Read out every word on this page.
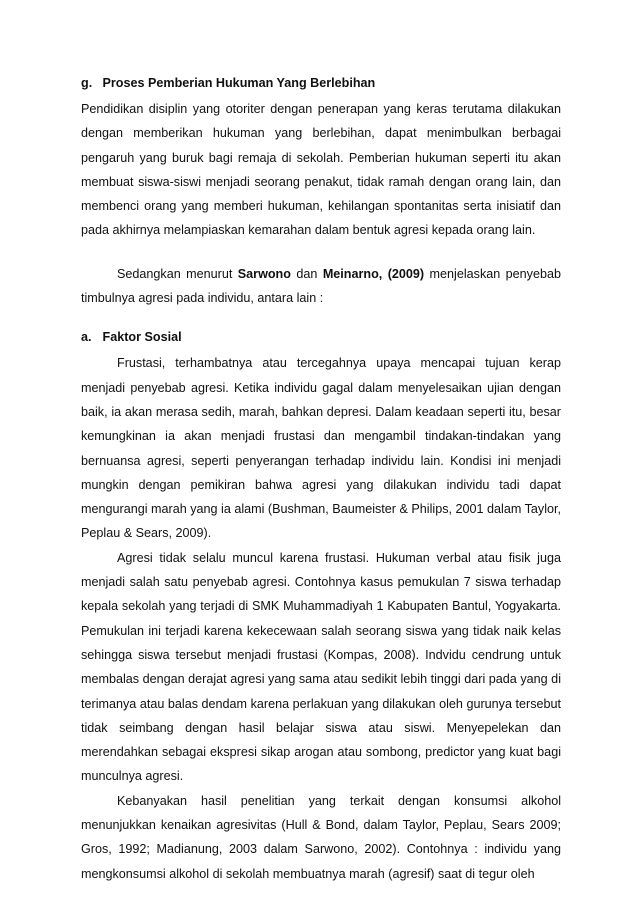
g. Proses Pemberian Hukuman Yang Berlebihan

Pendidikan disiplin yang otoriter dengan penerapan yang keras terutama dilakukan dengan memberikan hukuman yang berlebihan, dapat menimbulkan berbagai pengaruh yang buruk bagi remaja di sekolah. Pemberian hukuman seperti itu akan membuat siswa-siswi menjadi seorang penakut, tidak ramah dengan orang lain, dan membenci orang yang memberi hukuman, kehilangan spontanitas serta inisiatif dan pada akhirnya melampiaskan kemarahan dalam bentuk agresi kepada orang lain.

Sedangkan menurut Sarwono dan Meinarno, (2009) menjelaskan penyebab timbulnya agresi pada individu, antara lain :

a. Faktor Sosial

Frustasi, terhambatnya atau tercegahnya upaya mencapai tujuan kerap menjadi penyebab agresi. Ketika individu gagal dalam menyelesaikan ujian dengan baik, ia akan merasa sedih, marah, bahkan depresi. Dalam keadaan seperti itu, besar kemungkinan ia akan menjadi frustasi dan mengambil tindakan-tindakan yang bernuansa agresi, seperti penyerangan terhadap individu lain. Kondisi ini menjadi mungkin dengan pemikiran bahwa agresi yang dilakukan individu tadi dapat mengurangi marah yang ia alami (Bushman, Baumeister & Philips, 2001 dalam Taylor, Peplau & Sears, 2009).

Agresi tidak selalu muncul karena frustasi. Hukuman verbal atau fisik juga menjadi salah satu penyebab agresi. Contohnya kasus pemukulan 7 siswa terhadap kepala sekolah yang terjadi di SMK Muhammadiyah 1 Kabupaten Bantul, Yogyakarta. Pemukulan ini terjadi karena kekecewaan salah seorang siswa yang tidak naik kelas sehingga siswa tersebut menjadi frustasi (Kompas, 2008). Indvidu cendrung untuk membalas dengan derajat agresi yang sama atau sedikit lebih tinggi dari pada yang di terimanya atau balas dendam karena perlakuan yang dilakukan oleh gurunya tersebut tidak seimbang dengan hasil belajar siswa atau siswi. Menyepelekan dan merendahkan sebagai ekspresi sikap arogan atau sombong, predictor yang kuat bagi munculnya agresi.

Kebanyakan hasil penelitian yang terkait dengan konsumsi alkohol menunjukkan kenaikan agresivitas (Hull & Bond, dalam Taylor, Peplau, Sears 2009; Gros, 1992; Madianung, 2003 dalam Sarwono, 2002). Contohnya : individu yang mengkonsumsi alkohol di sekolah membuatnya marah (agresif) saat di tegur oleh
